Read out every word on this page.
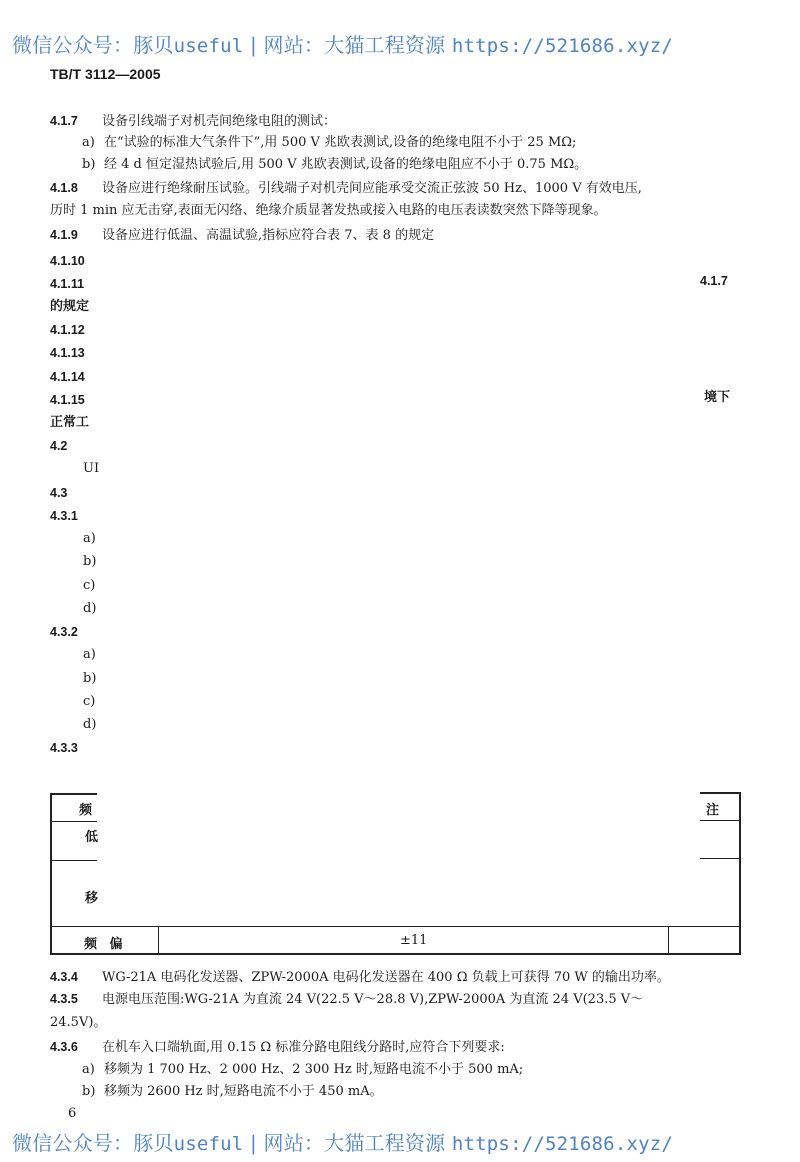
微信公众号：豚贝useful | 网站：大猫工程资源 https://521686.xyz/
TB/T 3112—2005
4.1.7 设备引线端子对机壳间绝缘电阻的测试：
a) 在“试验的标准大气条件下”,用 500 V 兆欧表测试,设备的绝缘电阻不小于 25 MΩ;
b) 经 4 d 恒定湿热试验后,用 500 V 兆欧表测试,设备的绝缘电阻应不小于 0.75 MΩ。
4.1.8 设备应进行绝缘耐压试验。引线端子对机壳间应能承受交流正弦波 50 Hz、1000 V 有效电压,
历时 1 min 应无击穿,表面无闪络、绝缘介质显著发热或接入电路的电压表读数突然下降等现象。
4.1.9 设备应进行低温、高温试验,指标应符合表 7、表 8 的规定
4.1.10
4.1.11
的规定
4.1.12
4.1.13
4.1.14
4.1.15
正常工
4.2
UI
4.3
4.3.1
a)
b)
c)
d)
4.3.2
a)
b)
c)
d)
4.3.3
4.1.7
境下
频	注
低
移
频 偏	±11
4.3.4 WG-21A 电码化发送器、ZPW-2000A 电码化发送器在 400 Ω 负载上可获得 70 W 的输出功率。
4.3.5 电源电压范围:WG-21A 为直流 24 V(22.5 V～28.8 V),ZPW-2000A 为直流 24 V(23.5 V～
24.5V)。
4.3.6 在机车入口端轨面,用 0.15 Ω 标准分路电阻线分路时,应符合下列要求:
a) 移频为 1 700 Hz、2 000 Hz、2 300 Hz 时,短路电流不小于 500 mA;
b) 移频为 2600 Hz 时,短路电流不小于 450 mA。
6
微信公众号：豚贝useful | 网站：大猫工程资源 https://521686.xyz/
